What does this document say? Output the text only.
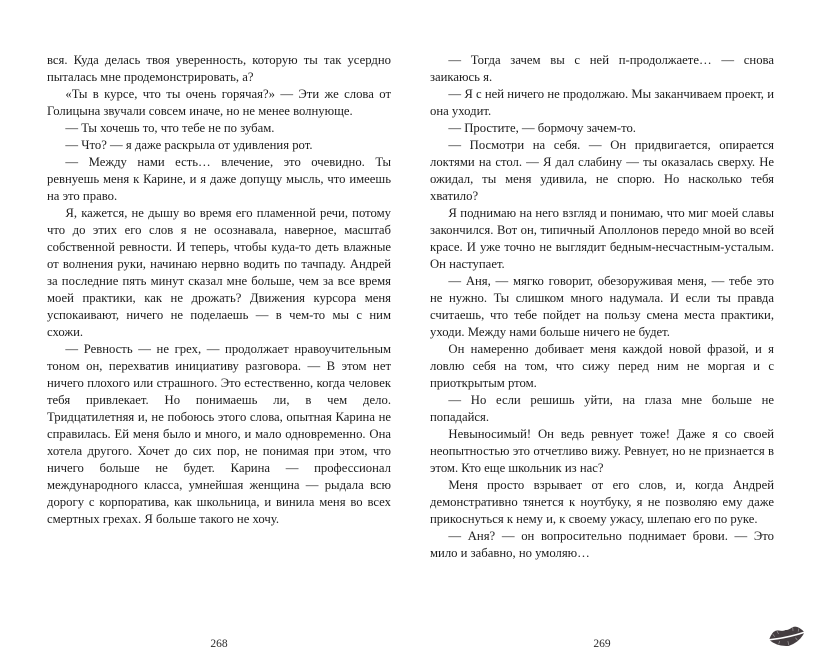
вся. Куда делась твоя уверенность, которую ты так усердно пыталась мне продемонстрировать, а?

«Ты в курсе, что ты очень горячая?» — Эти же слова от Голицына звучали совсем иначе, но не менее волнующе.

— Ты хочешь то, что тебе не по зубам.

— Что? — я даже раскрыла от удивления рот.

— Между нами есть… влечение, это очевидно. Ты ревнуешь меня к Карине, и я даже допущу мысль, что имеешь на это право.

Я, кажется, не дышу во время его пламенной речи, потому что до этих его слов я не осознавала, наверное, масштаб собственной ревности. И теперь, чтобы куда-то деть влажные от волнения руки, начинаю нервно водить по тачпаду. Андрей за последние пять минут сказал мне больше, чем за все время моей практики, как не дрожать? Движения курсора меня успокаивают, ничего не поделаешь — в чем-то мы с ним схожи.

— Ревность — не грех, — продолжает нравоучительным тоном он, перехватив инициативу разговора. — В этом нет ничего плохого или страшного. Это естественно, когда человек тебя привлекает. Но понимаешь ли, в чем дело. Тридцатилетняя и, не побоюсь этого слова, опытная Карина не справилась. Ей меня было и много, и мало одновременно. Она хотела другого. Хочет до сих пор, не понимая при этом, что ничего больше не будет. Карина — профессионал международного класса, умнейшая женщина — рыдала всю дорогу с корпоратива, как школьница, и винила меня во всех смертных грехах. Я больше такого не хочу.

268

— Тогда зачем вы с ней п-продолжаете… — снова заикаюсь я.

— Я с ней ничего не продолжаю. Мы заканчиваем проект, и она уходит.

— Простите, — бормочу зачем-то.

— Посмотри на себя. — Он придвигается, опирается локтями на стол. — Я дал слабину — ты оказалась сверху. Не ожидал, ты меня удивила, не спорю. Но насколько тебя хватило?

Я поднимаю на него взгляд и понимаю, что миг моей славы закончился. Вот он, типичный Аполлонов передо мной во всей красе. И уже точно не выглядит бедным-несчастным-усталым. Он наступает.

— Аня, — мягко говорит, обезоруживая меня, — тебе это не нужно. Ты слишком много надумала. И если ты правда считаешь, что тебе пойдет на пользу смена места практики, уходи. Между нами больше ничего не будет.

Он намеренно добивает меня каждой новой фразой, и я ловлю себя на том, что сижу перед ним не моргая и с приоткрытым ртом.

— Но если решишь уйти, на глаза мне больше не попадайся.

Невыносимый! Он ведь ревнует тоже! Даже я со своей неопытностью это отчетливо вижу. Ревнует, но не признается в этом. Кто еще школьник из нас?

Меня просто взрывает от его слов, и, когда Андрей демонстративно тянется к ноутбуку, я не позволяю ему даже прикоснуться к нему и, к своему ужасу, шлепаю его по руке.

— Аня? — он вопросительно поднимает брови. — Это мило и забавно, но умоляю…

269
